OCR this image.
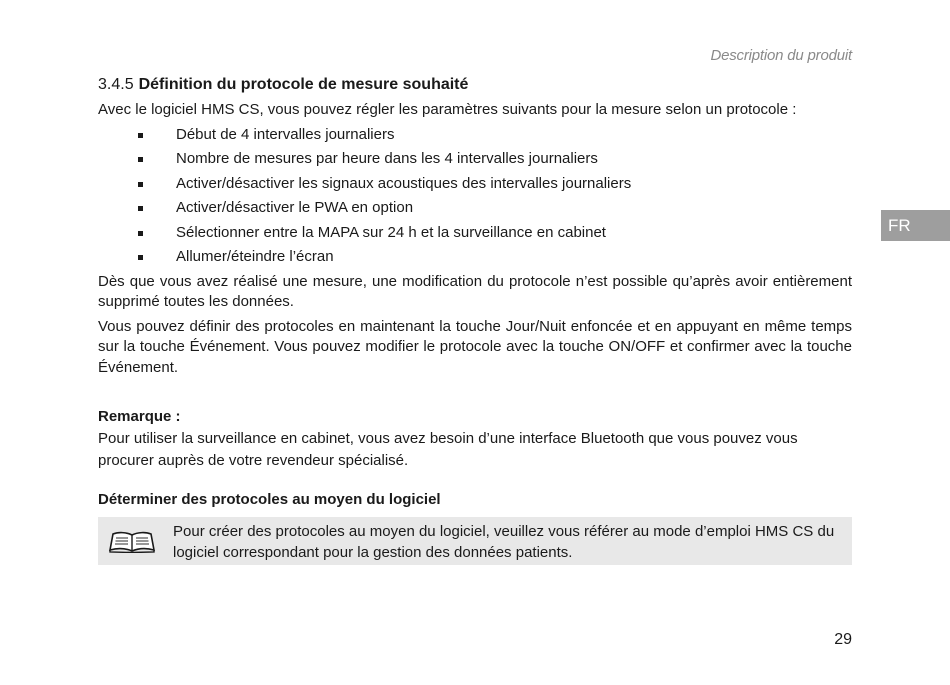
Description du produit
FR
3.4.5 Définition du protocole de mesure souhaité

Avec le logiciel HMS CS, vous pouvez régler les paramètres suivants pour la mesure selon un protocole :

Début de 4 intervalles journaliers
Nombre de mesures par heure dans les 4 intervalles journaliers
Activer/désactiver les signaux acoustiques des intervalles journaliers
Activer/désactiver le PWA en option
Sélectionner entre la MAPA sur 24 h et la surveillance en cabinet
Allumer/éteindre l’écran

Dès que vous avez réalisé une mesure, une modification du protocole n’est possible qu’après avoir entièrement supprimé toutes les données.

Vous pouvez définir des protocoles en maintenant la touche Jour/Nuit enfoncée et en appuyant en même temps sur la touche Événement. Vous pouvez modifier le protocole avec la touche ON/OFF et confirmer avec la touche Événement.

Remarque :

Pour utiliser la surveillance en cabinet, vous avez besoin d’une interface Bluetooth que vous pouvez vous procurer auprès de votre revendeur spécialisé.

Déterminer des protocoles au moyen du logiciel
Pour créer des protocoles au moyen du logiciel, veuillez vous référer au mode d’emploi HMS CS du logiciel correspondant pour la gestion des données patients.
29
